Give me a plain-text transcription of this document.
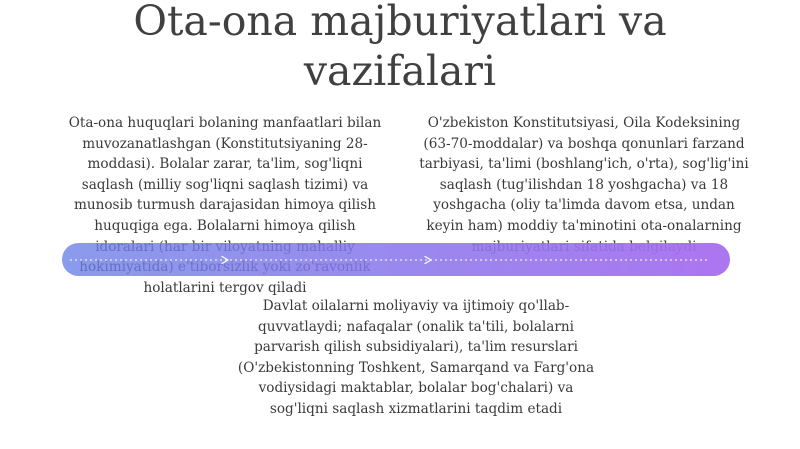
Ota-ona majburiyatlari va vazifalari

Ota-ona huquqlari bolaning manfaatlari bilan muvozanatlashgan (Konstitutsiyaning 28-moddasi). Bolalar zarar, ta'lim, sog'liqni saqlash (milliy sog'liqni saqlash tizimi) va munosib turmush darajasidan himoya qilish huquqiga ega. Bolalarni himoya qilish holatlarini tergov qiladi

O'zbekiston Konstitutsiyasi, Oila Kodeksining (63-70-moddalar) va boshqa qonunlari farzand tarbiyasi, ta'limi (boshlang'ich, o'rta), sog'lig'ini saqlash (tug'ilishdan 18 yoshgacha) va 18 yoshgacha (oliy ta'limda davom etsa, undan keyin ham) moddiy ta'minotini ota-onalarning

Davlat oilalarni moliyaviy va ijtimoiy qo'llab-quvvatlaydi; nafaqalar (onalik ta'tili, bolalarni parvarish qilish subsidiyalari), ta'lim resurslari (O'zbekistonning Toshkent, Samarqand va Farg'ona vodiysidagi maktablar, bolalar bog'chalari) va sog'liqni saqlash xizmatlarini taqdim etadi
